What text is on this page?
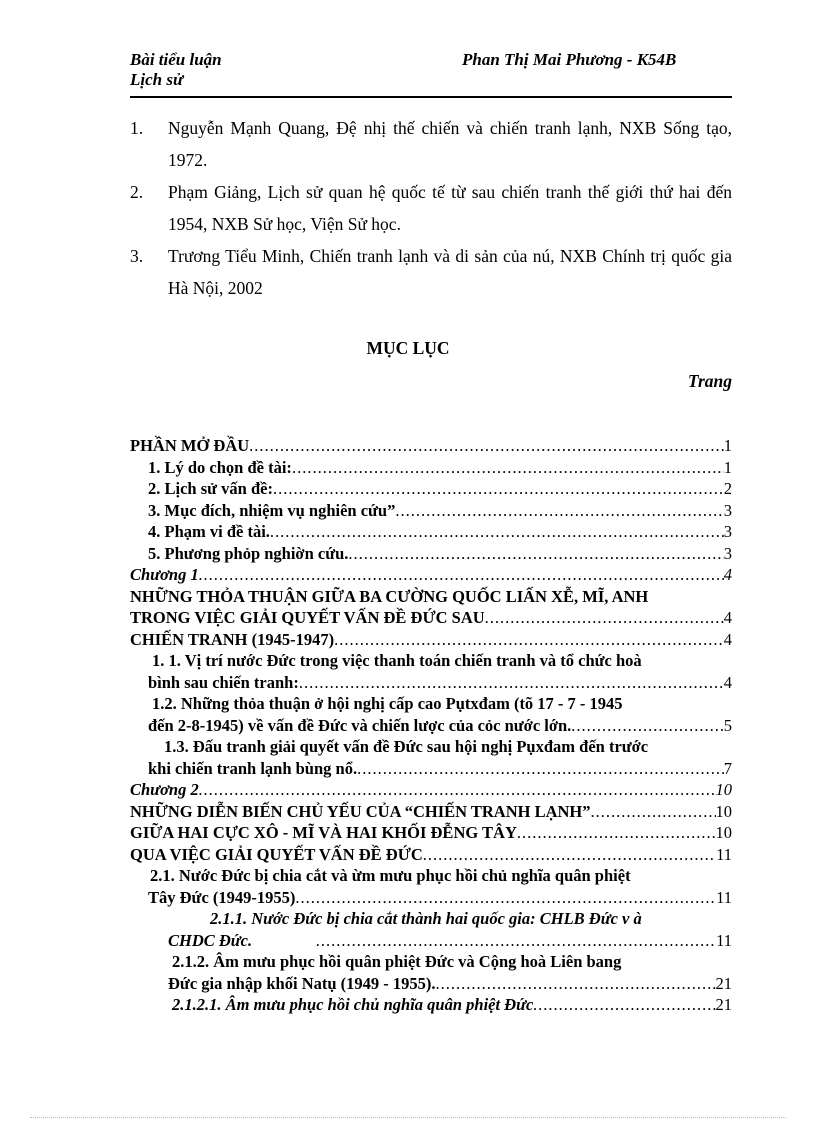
Bài tiểu luận
Lịch sử
Phan Thị Mai Phương - K54B
1. Nguyễn Mạnh Quang, Đệ nhị thế chiến và chiến tranh lạnh, NXB Sống tạo, 1972.
2. Phạm Giảng, Lịch sử quan hệ quốc tế từ sau chiến tranh thế giới thứ hai đến 1954, NXB Sử học, Viện Sử học.
3. Trương Tiểu Minh, Chiến tranh lạnh và di sản của nú, NXB Chính trị quốc gia Hà Nội, 2002
MỤC LỤC
Trang
PHẦN MỞ ĐẦU .....	1
1. Lý do chọn đề tài: .....	1
2. Lịch sử vấn đề: .....	2
3. Mục đích, nhiệm vụ nghiên cứu” .....	3
4. Phạm vi đề tài. .....	3
5. Phương phỏp nghiờn cứu. .....	3
Chương 1 .....	4
NHỮNG THỎA THUẬN GIỮA BA CƯỜNG QUỐC LIẤN XỄ, MĨ, ANH
TRONG VIỆC GIẢI QUYẾT VẤN ĐỀ ĐỨC SAU .....	4
CHIẾN TRANH (1945-1947) .....	4
1. 1. Vị trí nước Đức trong việc thanh toán chiến tranh và tổ chức hoà
bình sau chiến tranh: .....	4
1.2. Những thỏa thuận ở hội nghị cấp cao Pụtxđam (tõ 17 - 7 - 1945
đến 2-8-1945) về vấn đề Đức và chiến lược của cỏc nước lớn. .....	5
1.3. Đấu tranh giải quyết vấn đề Đức sau hội nghị Pụxđam đến trước
khi chiến tranh lạnh bùng nổ. .....	7
Chương 2 .....	10
NHỮNG DIỄN BIẾN CHỦ YẾU CỦA “CHIẾN TRANH LẠNH” .....	10
GIỮA HAI CỰC XÔ - MĨ VÀ HAI KHỐI ĐỄNG TÂY .....	10
QUA VIỆC GIẢI QUYẾT VẤN ĐỀ ĐỨC .....	11
2.1. Nước Đức bị chia cắt và ừm mưu phục hồi chủ nghĩa quân phiệt
Tây Đức (1949-1955) .....	11
2.1.1. Nước Đức bị chia cắt thành hai quốc gia: CHLB Đức v à
CHDC Đức. .....	11
2.1.2. Âm mưu phục hồi quân phiệt Đức và Cộng hoà Liên bang
Đức gia nhập khối Natụ (1949 - 1955). .....	21
2.1.2.1. Âm mưu phục hồi chủ nghĩa quân phiệt Đức .....	21
